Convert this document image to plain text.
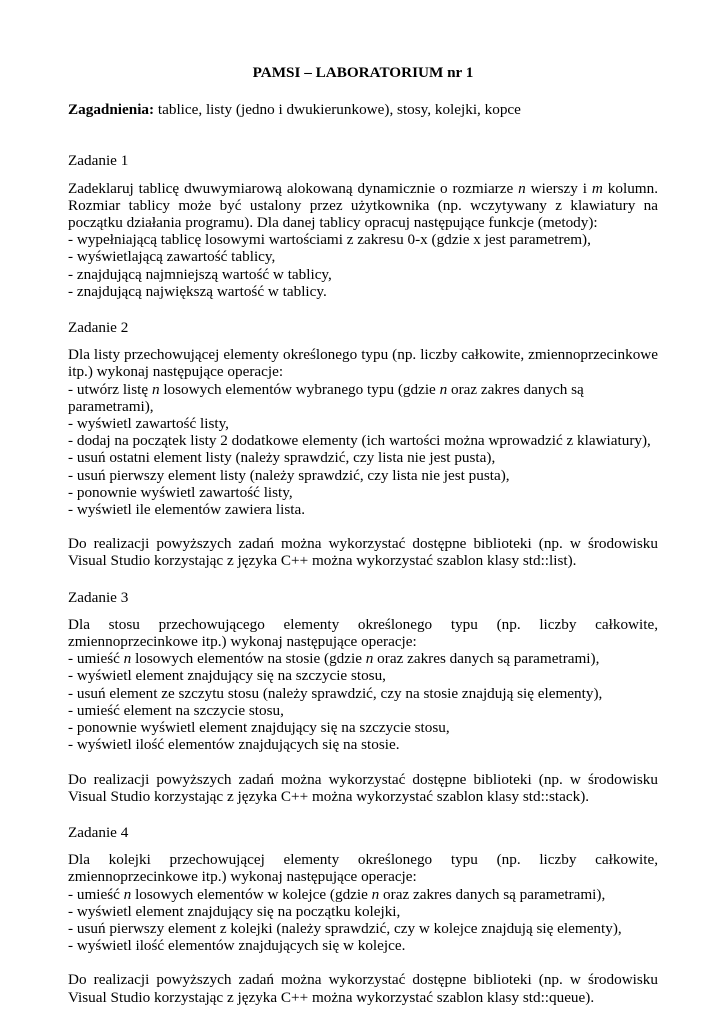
PAMSI – LABORATORIUM nr 1
Zagadnienia: tablice, listy (jedno i dwukierunkowe), stosy, kolejki, kopce
Zadanie 1

Zadeklaruj tablicę dwuwymiarową alokowaną dynamicznie o rozmiarze n wierszy i m kolumn. Rozmiar tablicy może być ustalony przez użytkownika (np. wczytywany z klawiatury na początku działania programu). Dla danej tablicy opracuj następujące funkcje (metody):

- wypełniającą tablicę losowymi wartościami z zakresu 0-x (gdzie x jest parametrem),
- wyświetlającą zawartość tablicy,
- znajdującą najmniejszą wartość w tablicy,
- znajdującą największą wartość w tablicy.
Zadanie 2

Dla listy przechowującej elementy określonego typu (np. liczby całkowite, zmiennoprzecinkowe itp.) wykonaj następujące operacje:

- utwórz listę n losowych elementów wybranego typu (gdzie n oraz zakres danych są parametrami),
- wyświetl zawartość listy,
- dodaj na początek listy 2 dodatkowe elementy (ich wartości można wprowadzić z klawiatury),
- usuń ostatni element listy (należy sprawdzić, czy lista nie jest pusta),
- usuń pierwszy element listy (należy sprawdzić, czy lista nie jest pusta),
- ponownie wyświetl zawartość listy,
- wyświetl ile elementów zawiera lista.

Do realizacji powyższych zadań można wykorzystać dostępne biblioteki (np. w środowisku Visual Studio korzystając z języka C++ można wykorzystać szablon klasy std::list).

Zadanie 3

Dla stosu przechowującego elementy określonego typu (np. liczby całkowite, zmiennoprzecinkowe itp.) wykonaj następujące operacje:

- umieść n losowych elementów na stosie (gdzie n oraz zakres danych są parametrami),
- wyświetl element znajdujący się na szczycie stosu,
- usuń element ze szczytu stosu (należy sprawdzić, czy na stosie znajdują się elementy),
- umieść element na szczycie stosu,
- ponownie wyświetl element znajdujący się na szczycie stosu,
- wyświetl ilość elementów znajdujących się na stosie.

Do realizacji powyższych zadań można wykorzystać dostępne biblioteki (np. w środowisku Visual Studio korzystając z języka C++ można wykorzystać szablon klasy std::stack).

Zadanie 4

Dla kolejki przechowującej elementy określonego typu (np. liczby całkowite, zmiennoprzecinkowe itp.) wykonaj następujące operacje:

- umieść n losowych elementów w kolejce (gdzie n oraz zakres danych są parametrami),
- wyświetl element znajdujący się na początku kolejki,
- usuń pierwszy element z kolejki (należy sprawdzić, czy w kolejce znajdują się elementy),
- wyświetl ilość elementów znajdujących się w kolejce.

Do realizacji powyższych zadań można wykorzystać dostępne biblioteki (np. w środowisku Visual Studio korzystając z języka C++ można wykorzystać szablon klasy std::queue).
